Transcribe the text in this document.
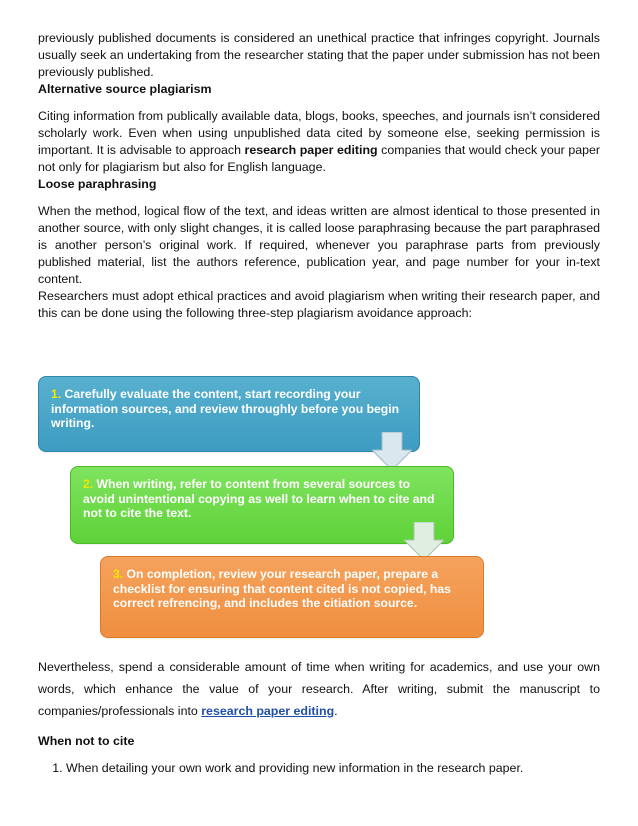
previously published documents is considered an unethical practice that infringes copyright. Journals usually seek an undertaking from the researcher stating that the paper under submission has not been previously published.

Alternative source plagiarism

Citing information from publically available data, blogs, books, speeches, and journals isn’t considered scholarly work. Even when using unpublished data cited by someone else, seeking permission is important. It is advisable to approach research paper editing companies that would check your paper not only for plagiarism but also for English language.

Loose paraphrasing

When the method, logical flow of the text, and ideas written are almost identical to those presented in another source, with only slight changes, it is called loose paraphrasing because the part paraphrased is another person’s original work. If required, whenever you paraphrase parts from previously published material, list the authors reference, publication year, and page number for your in-text content.

Researchers must adopt ethical practices and avoid plagiarism when writing their research paper, and this can be done using the following three-step plagiarism avoidance approach:

1. Carefully evaluate the content, start recording your information sources, and review throughly before you begin writing.
2. When writing, refer to content from several sources to avoid unintentional copying as well to learn when to cite and not to cite the text.
3. On completion, review your research paper, prepare a checklist for ensuring that content cited is not copied, has correct refrencing, and includes the citiation source.

Nevertheless, spend a considerable amount of time when writing for academics, and use your own words, which enhance the value of your research. After writing, submit the manuscript to companies/professionals into research paper editing.

When not to cite

1. When detailing your own work and providing new information in the research paper.
